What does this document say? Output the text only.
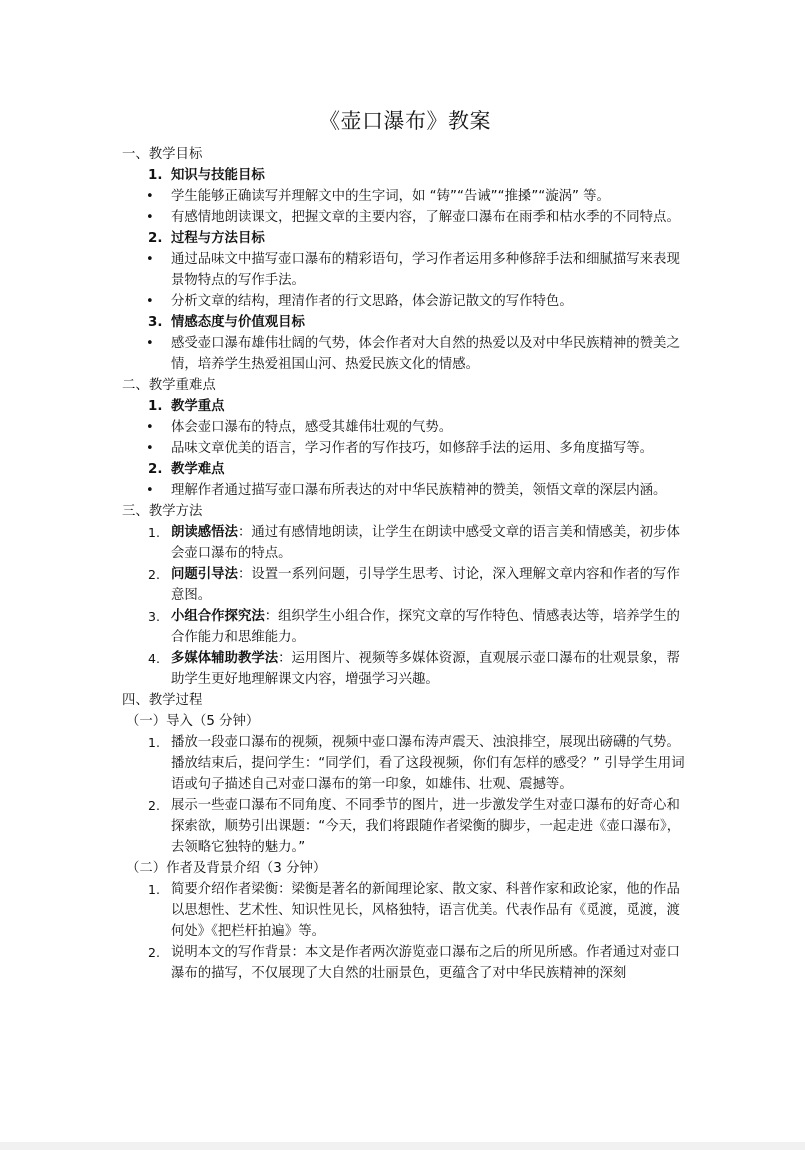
《壶口瀑布》教案
一、教学目标
1. 知识与技能目标
• 学生能够正确读写并理解文中的生字词，如 “铸”“告诫”“推搡”“漩涡” 等。
• 有感情地朗读课文，把握文章的主要内容，了解壶口瀑布在雨季和枯水季的不同特点。
2. 过程与方法目标
• 通过品味文中描写壶口瀑布的精彩语句，学习作者运用多种修辞手法和细腻描写来表现景物特点的写作手法。
• 分析文章的结构，理清作者的行文思路，体会游记散文的写作特色。
3. 情感态度与价值观目标
• 感受壶口瀑布雄伟壮阔的气势，体会作者对大自然的热爱以及对中华民族精神的赞美之情，培养学生热爱祖国山河、热爱民族文化的情感。
二、教学重难点
1. 教学重点
• 体会壶口瀑布的特点，感受其雄伟壮观的气势。
• 品味文章优美的语言，学习作者的写作技巧，如修辞手法的运用、多角度描写等。
2. 教学难点
• 理解作者通过描写壶口瀑布所表达的对中华民族精神的赞美，领悟文章的深层内涵。
三、教学方法
1. 朗读感悟法：通过有感情地朗读，让学生在朗读中感受文章的语言美和情感美，初步体会壶口瀑布的特点。
2. 问题引导法：设置一系列问题，引导学生思考、讨论，深入理解文章内容和作者的写作意图。
3. 小组合作探究法：组织学生小组合作，探究文章的写作特色、情感表达等，培养学生的合作能力和思维能力。
4. 多媒体辅助教学法：运用图片、视频等多媒体资源，直观展示壶口瀑布的壮观景象，帮助学生更好地理解课文内容，增强学习兴趣。
四、教学过程
（一）导入（5 分钟）
1. 播放一段壶口瀑布的视频，视频中壶口瀑布涛声震天、浊浪排空，展现出磅礴的气势。播放结束后，提问学生：“同学们，看了这段视频，你们有怎样的感受？” 引导学生用词语或句子描述自己对壶口瀑布的第一印象，如雄伟、壮观、震撼等。
2. 展示一些壶口瀑布不同角度、不同季节的图片，进一步激发学生对壶口瀑布的好奇心和探索欲，顺势引出课题：“今天，我们将跟随作者梁衡的脚步，一起走进《壶口瀑布》，去领略它独特的魅力。”
（二）作者及背景介绍（3 分钟）
1. 简要介绍作者梁衡：梁衡是著名的新闻理论家、散文家、科普作家和政论家，他的作品以思想性、艺术性、知识性见长，风格独特，语言优美。代表作品有《觅渡，觅渡，渡何处》《把栏杆拍遍》等。
2. 说明本文的写作背景：本文是作者两次游览壶口瀑布之后的所见所感。作者通过对壶口瀑布的描写，不仅展现了大自然的壮丽景色，更蕴含了对中华民族精神的深刻
